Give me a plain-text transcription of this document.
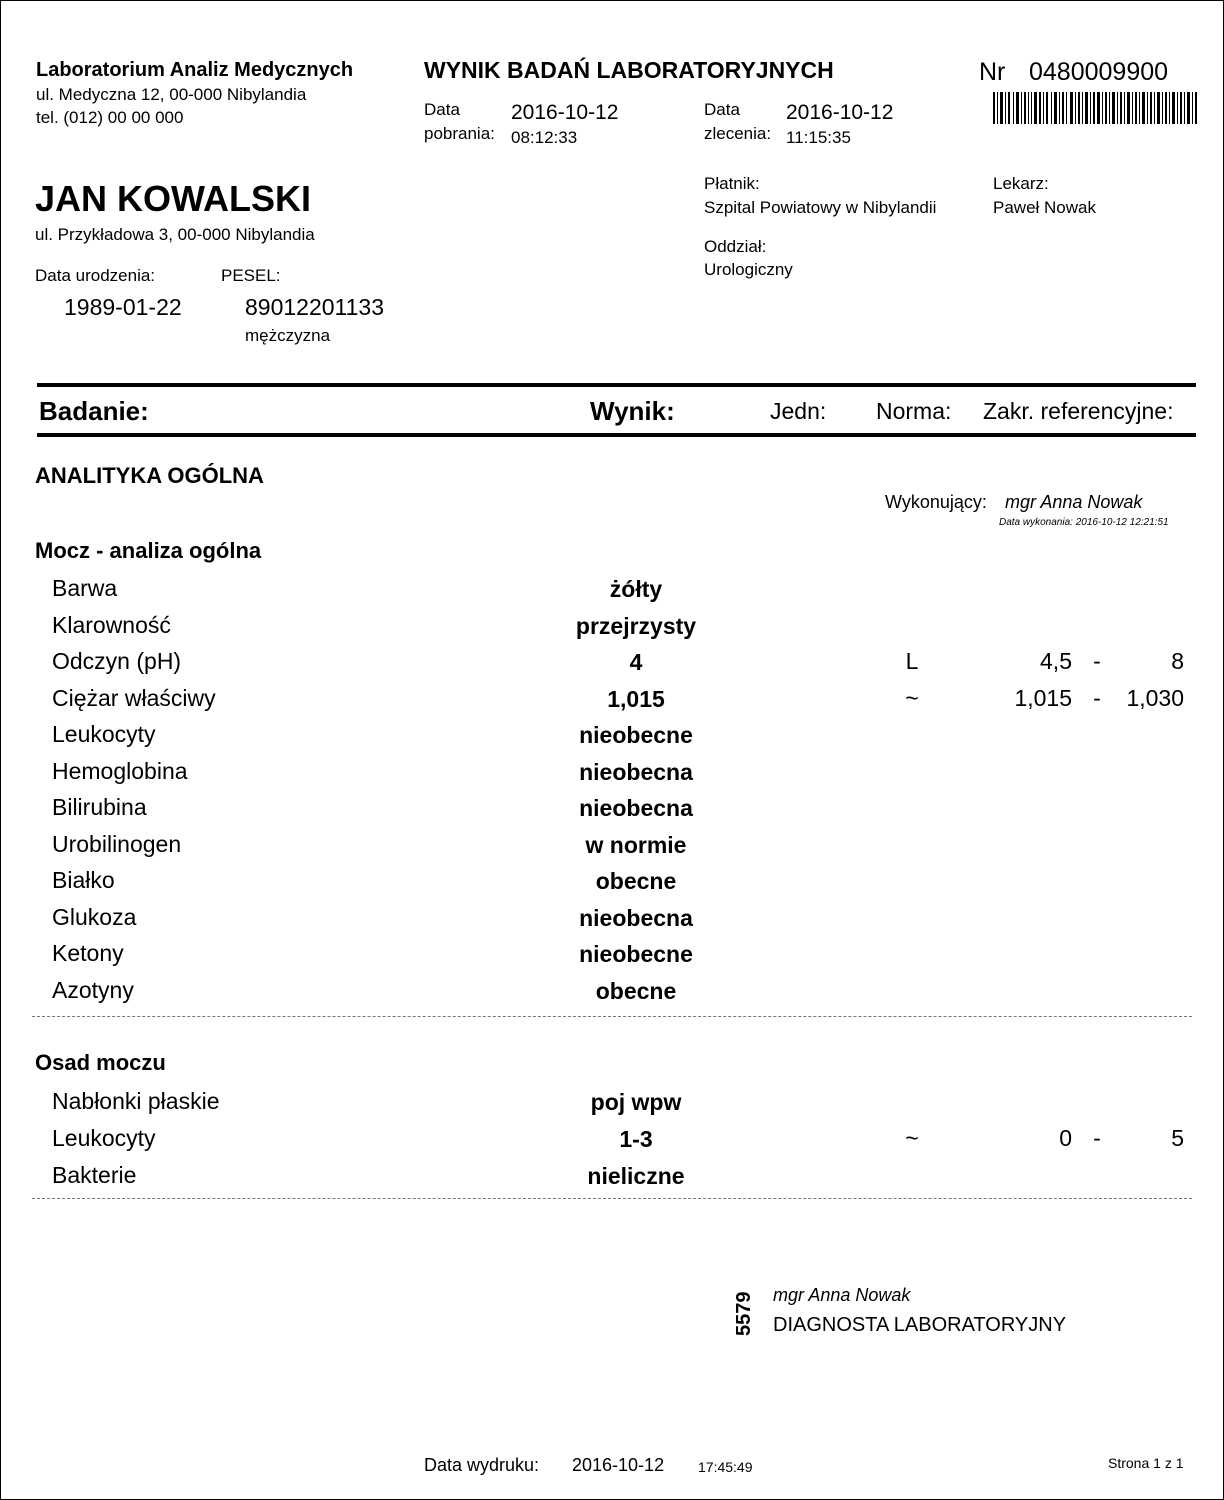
Laboratorium Analiz Medycznych
ul. Medyczna 12, 00-000 Nibylandia
tel. (012) 00 00 000
WYNIK BADAŃ LABORATORYJNYCH
Data
pobrania:
2016-10-12
08:12:33
Data
zlecenia:
2016-10-12
11:15:35
Nr 0480009900
JAN KOWALSKI
ul. Przykładowa 3, 00-000 Nibylandia
Data urodzenia:
1989-01-22
PESEL:
89012201133
mężczyzna
Płatnik:
Szpital Powiatowy w Nibylandii
Lekarz:
Paweł Nowak
Oddział:
Urologiczny
Badanie:	Wynik:	Jedn: Norma: Zakr. referencyjne:
ANALITYKA OGÓLNA
Wykonujący: mgr Anna Nowak
Data wykonania: 2016-10-12 12:21:51
Mocz - analiza ogólna
Barwa	żółty
Klarowność	przejrzysty
Odczyn (pH)	4	L	4,5 -	8
Ciężar właściwy	1,015	~	1,015 -	1,030
Leukocyty	nieobecne
Hemoglobina	nieobecna
Bilirubina	nieobecna
Urobilinogen	w normie
Białko	obecne
Glukoza	nieobecna
Ketony	nieobecne
Azotyny	obecne
Osad moczu
Nabłonki płaskie	poj wpw
Leukocyty	1-3	~	0 -	5
Bakterie	nieliczne
5579 mgr Anna Nowak
DIAGNOSTA LABORATORYJNY
Data wydruku: 2016-10-12 17:45:49	Strona 1 z 1
